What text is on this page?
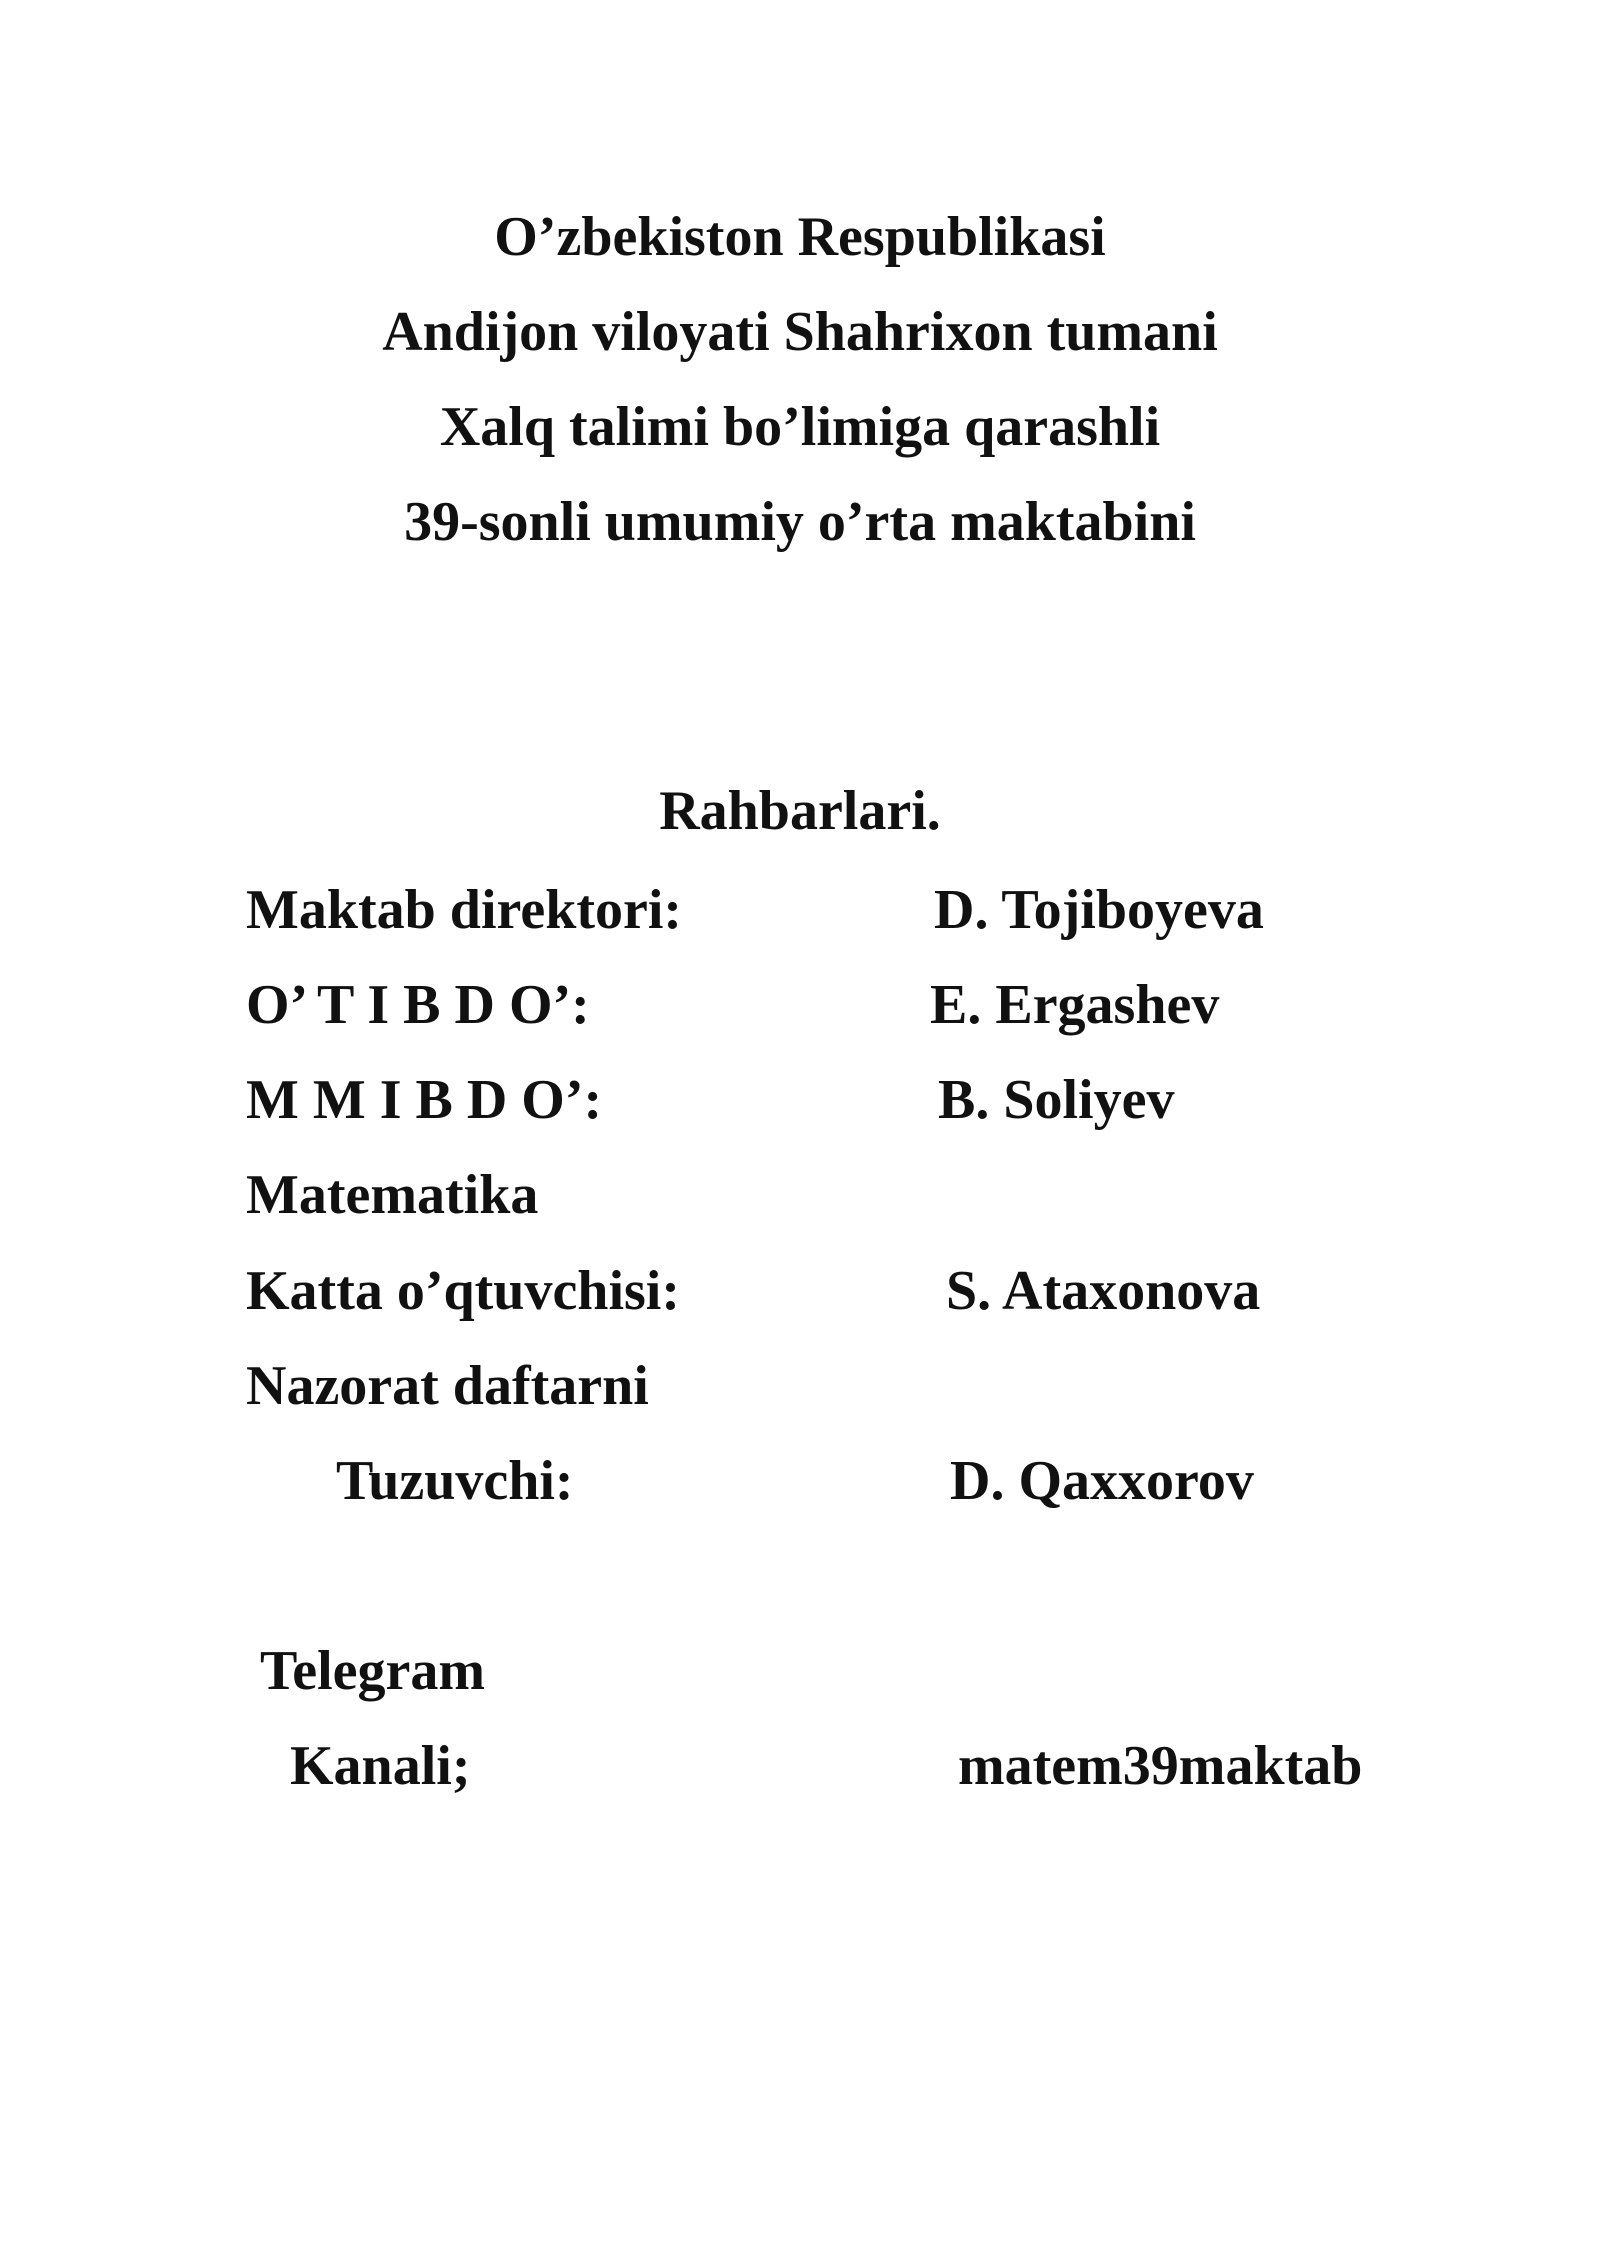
O’zbekiston Respublikasi
Andijon viloyati Shahrixon tumani
Xalq talimi bo’limiga qarashli
39-sonli umumiy o’rta maktabini
Rahbarlari.
Maktab direktori:	D. Tojiboyeva
O’ T I B D O’:	E. Ergashev
M M I B D O’:	B. Soliyev
Matematika
Katta o’qtuvchisi:	S. Ataxonova
Nazorat daftarni
Tuzuvchi:	D. Qaxxorov
Telegram
Kanali;	matem39maktab
